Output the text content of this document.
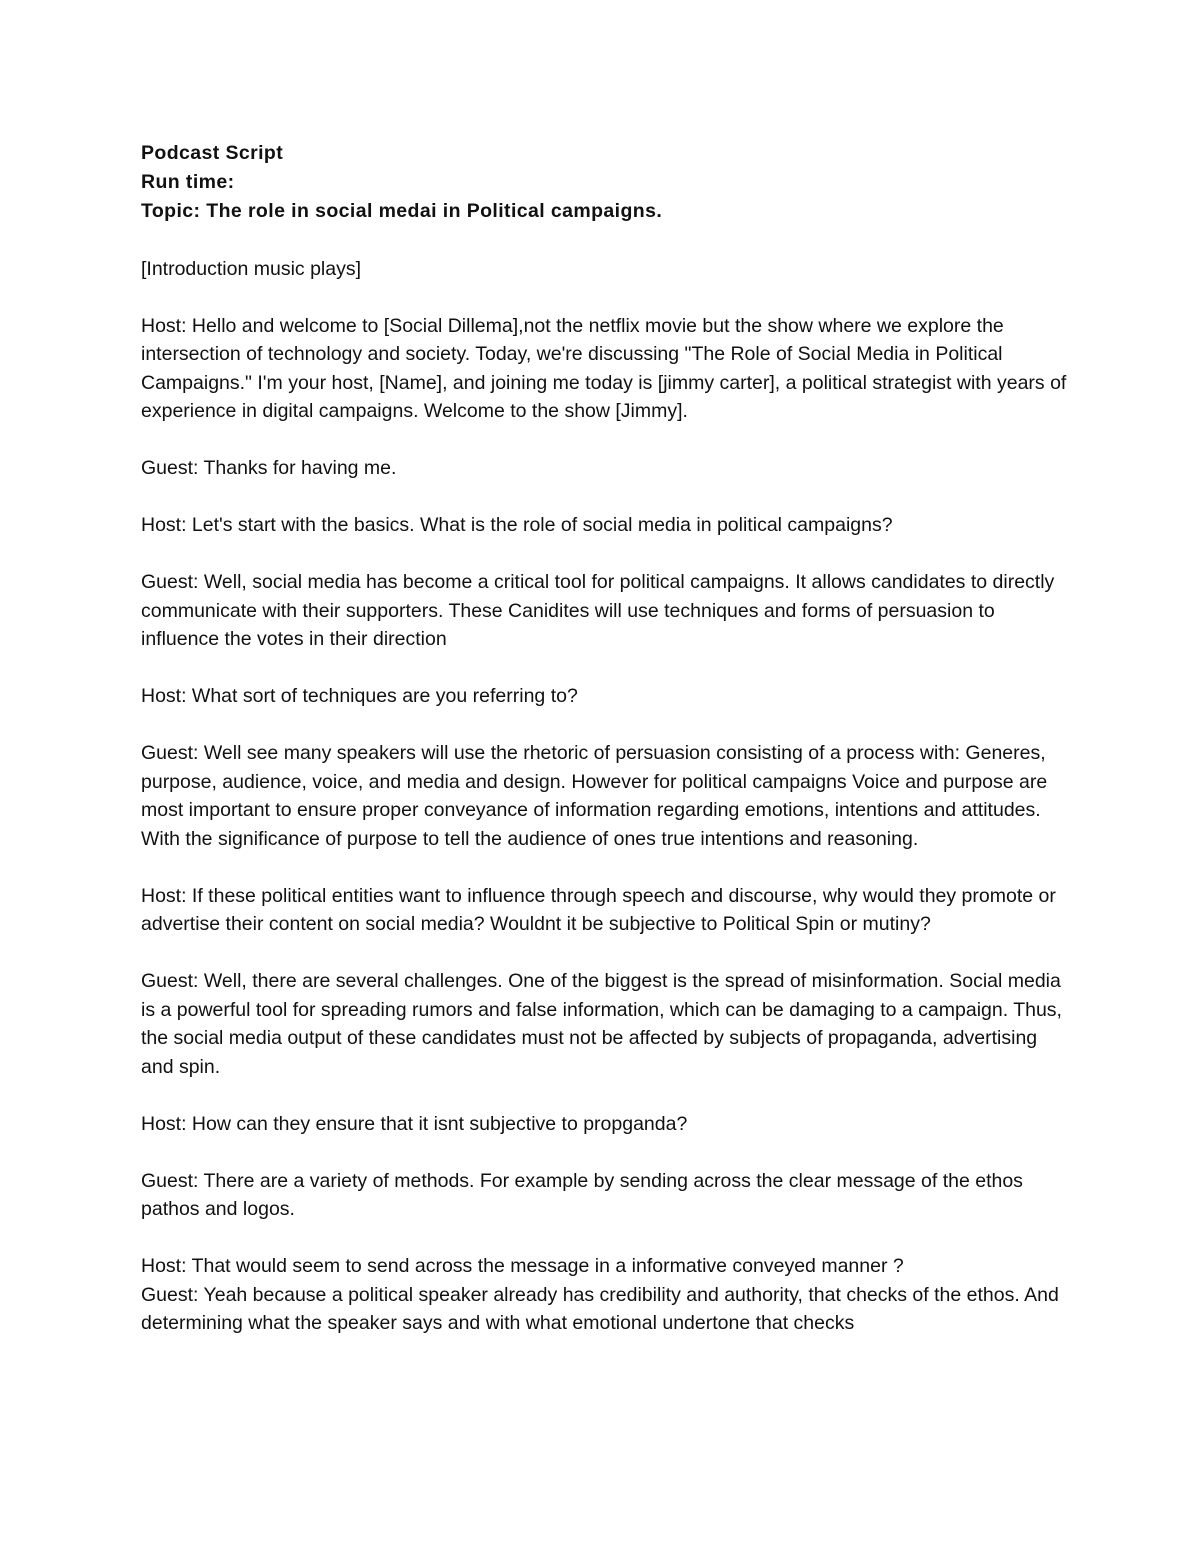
Podcast Script

Run time:

Topic: The role in social medai in Political campaigns.

[Introduction music plays]

Host: Hello and welcome to [Social Dillema],not the netflix movie but the show where we explore the intersection of technology and society. Today, we're discussing "The Role of Social Media in Political Campaigns." I'm your host, [Name], and joining me today is [jimmy carter], a political strategist with years of experience in digital campaigns. Welcome to the show [Jimmy].

Guest: Thanks for having me.

Host: Let's start with the basics. What is the role of social media in political campaigns?

Guest: Well, social media has become a critical tool for political campaigns. It allows candidates to directly communicate with their supporters. These Canidites will use techniques and forms of persuasion to influence the votes in their direction

Host: What sort of techniques are you referring to?

Guest: Well see many speakers will use the rhetoric of persuasion consisting of a process with: Generes, purpose, audience, voice, and media and design. However for political campaigns Voice and purpose are most important to ensure proper conveyance of information regarding emotions, intentions and attitudes. With the significance of purpose to tell the audience of ones true intentions and reasoning.

Host: If these political entities want to influence through speech and discourse, why would they promote or advertise their content on social media? Wouldnt it be subjective to Political Spin or mutiny?

Guest: Well, there are several challenges. One of the biggest is the spread of misinformation. Social media is a powerful tool for spreading rumors and false information, which can be damaging to a campaign. Thus, the social media output of these candidates must not be affected by subjects of propaganda, advertising and spin.

Host: How can they ensure that it isnt subjective to propganda?

Guest: There are a variety of methods. For example by sending across the clear message of the ethos pathos and logos.

Host: That would seem to send across the message in a informative conveyed manner ?

Guest: Yeah because a political speaker already has credibility and authority, that checks of the ethos. And determining what the speaker says and with what emotional undertone that checks
